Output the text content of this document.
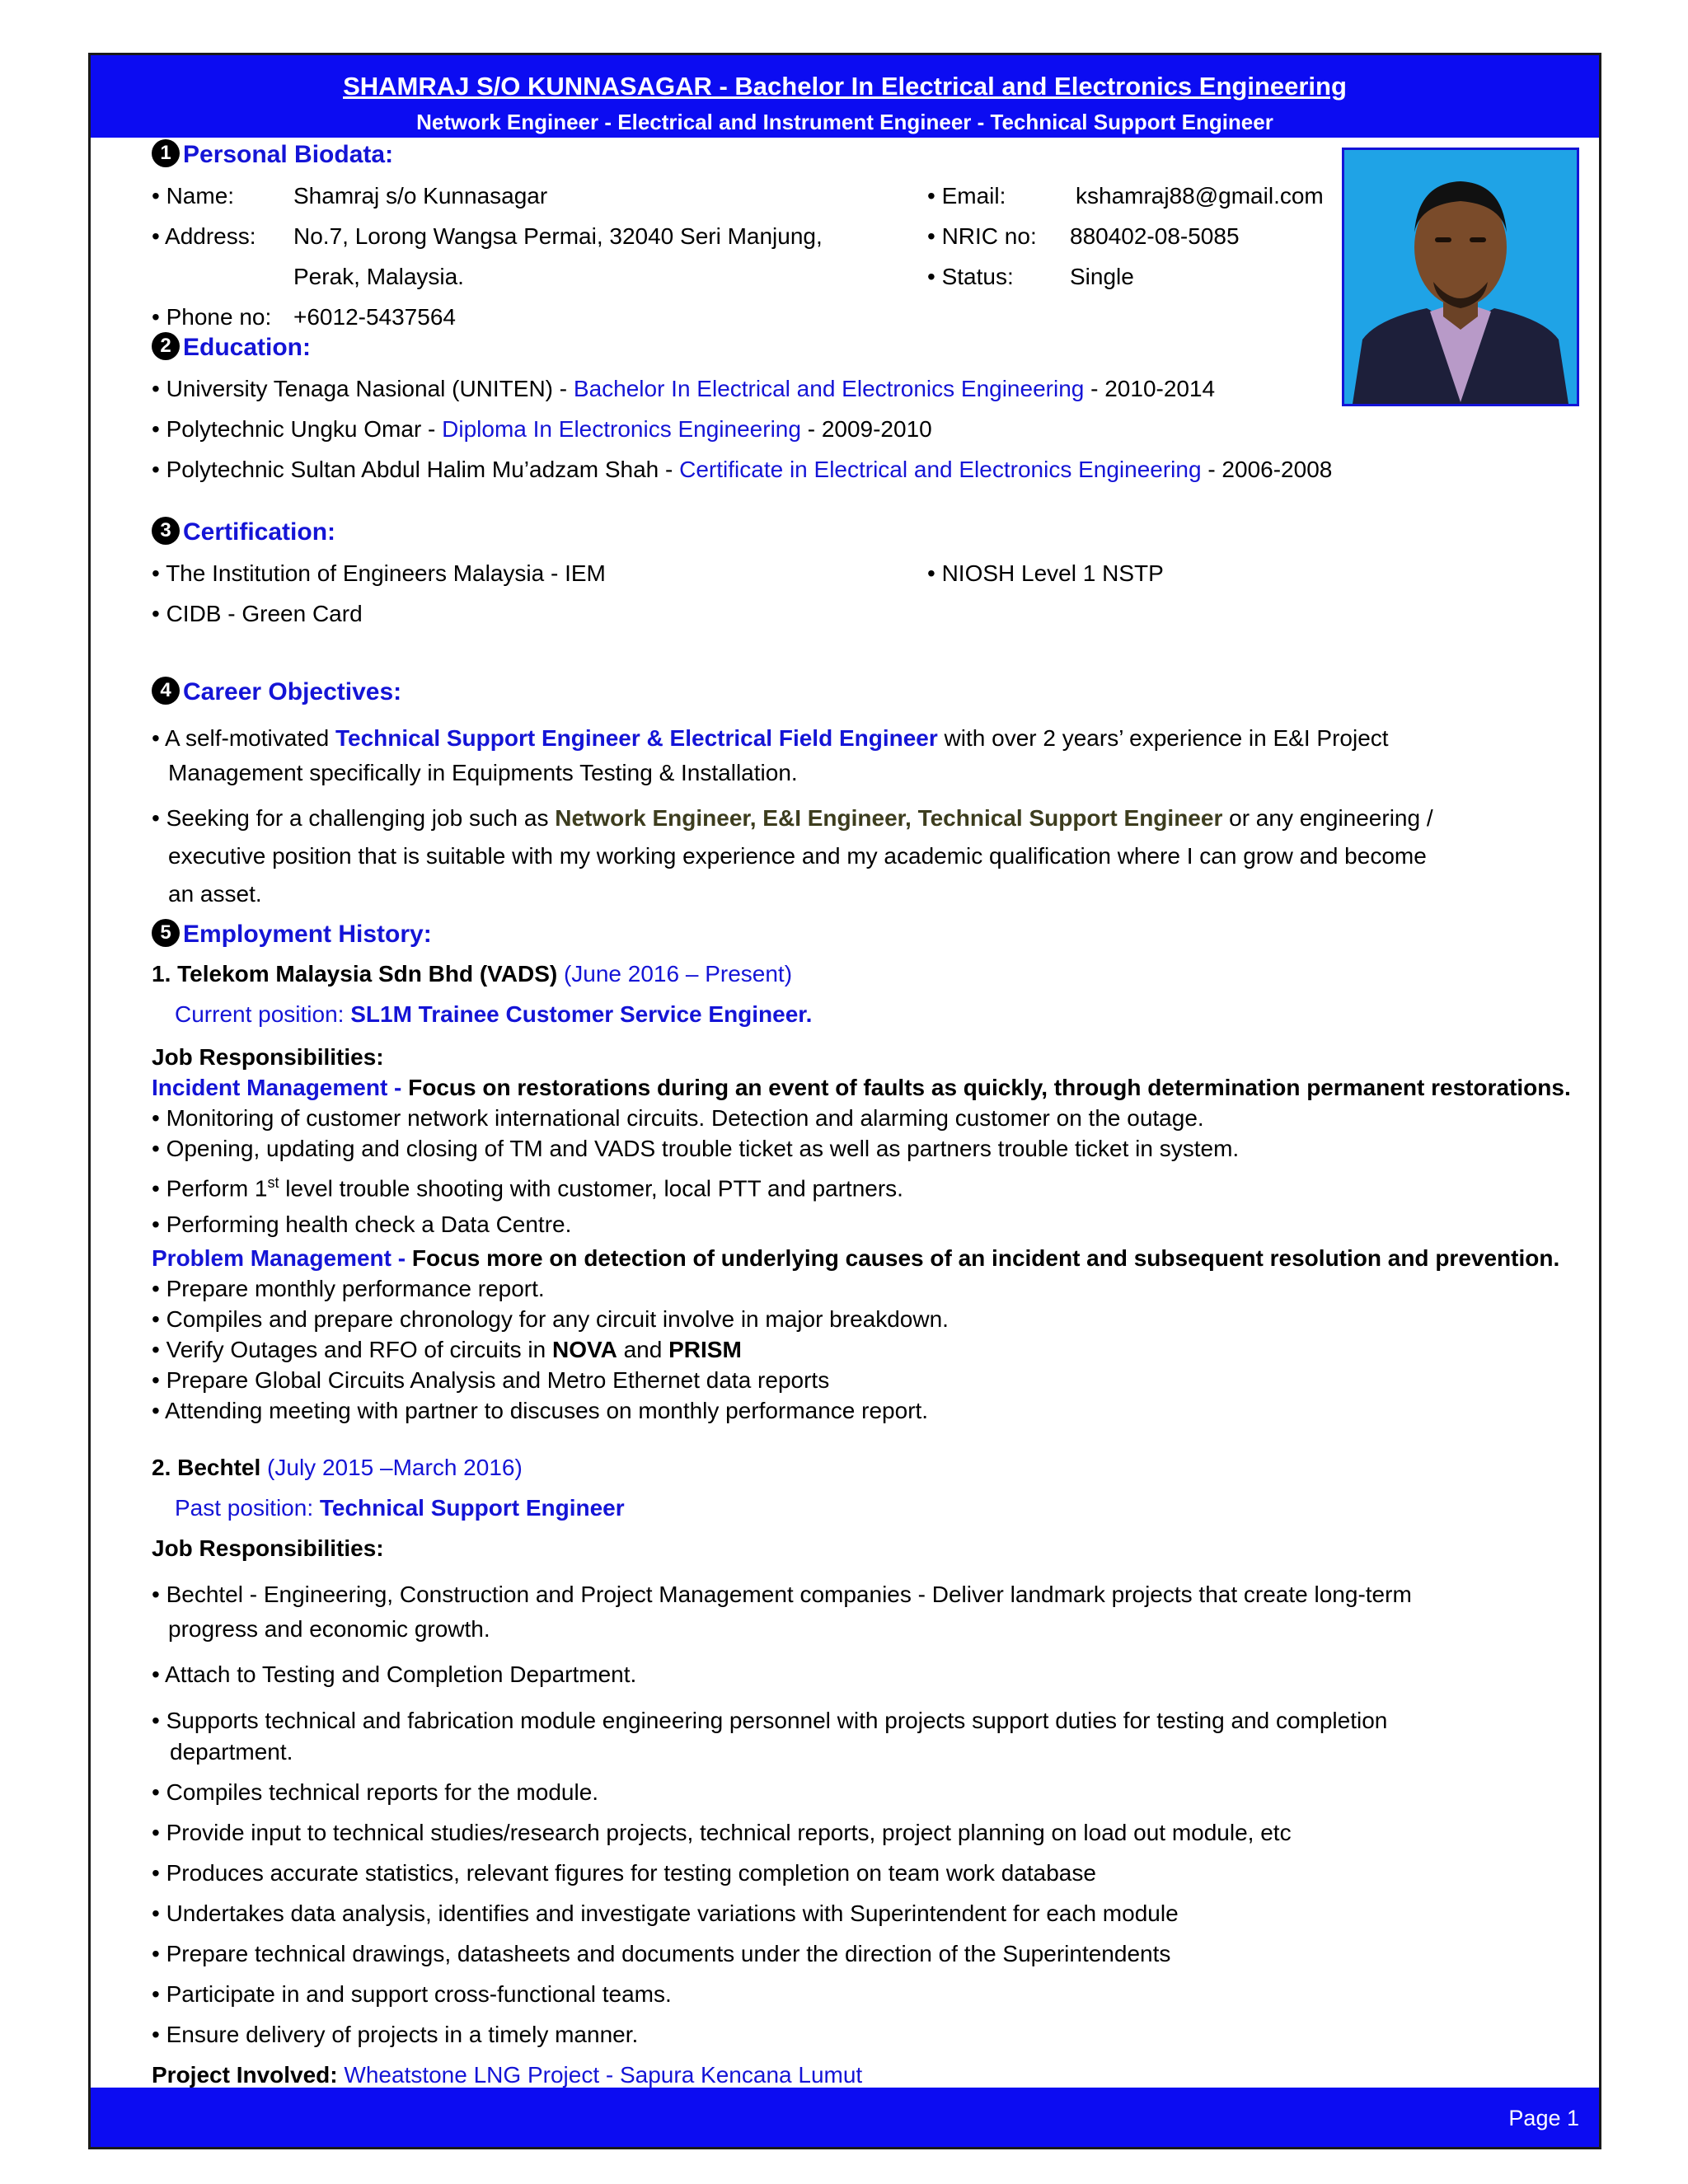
SHAMRAJ S/O KUNNASAGAR - Bachelor In Electrical and Electronics Engineering
Network Engineer - Electrical and Instrument Engineer - Technical Support Engineer
1 Personal Biodata:
• Name:	Shamraj s/o Kunnasagar
• Address: No.7, Lorong Wangsa Permai, 32040 Seri Manjung,
Perak, Malaysia.
• Phone no: +6012-5437564
• Email:	kshamraj88@gmail.com
• NRIC no: 880402-08-5085
• Status: Single
2 Education:
• University Tenaga Nasional (UNITEN) - Bachelor In Electrical and Electronics Engineering - 2010-2014
• Polytechnic Ungku Omar - Diploma In Electronics Engineering - 2009-2010
• Polytechnic Sultan Abdul Halim Mu’adzam Shah - Certificate in Electrical and Electronics Engineering - 2006-2008
3 Certification:
• The Institution of Engineers Malaysia - IEM
• CIDB - Green Card
• NIOSH Level 1 NSTP
4 Career Objectives:
• A self-motivated Technical Support Engineer & Electrical Field Engineer with over 2 years’ experience in E&I Project
Management specifically in Equipments Testing & Installation.
• Seeking for a challenging job such as Network Engineer, E&I Engineer, Technical Support Engineer or any engineering /
executive position that is suitable with my working experience and my academic qualification where I can grow and become
an asset.
5 Employment History:
1. Telekom Malaysia Sdn Bhd (VADS) (June 2016 – Present)
Current position: SL1M Trainee Customer Service Engineer.
Job Responsibilities:
Incident Management - Focus on restorations during an event of faults as quickly, through determination permanent restorations.
• Monitoring of customer network international circuits. Detection and alarming customer on the outage.
• Opening, updating and closing of TM and VADS trouble ticket as well as partners trouble ticket in system.
• Perform 1st level trouble shooting with customer, local PTT and partners.
• Performing health check a Data Centre.
Problem Management - Focus more on detection of underlying causes of an incident and subsequent resolution and prevention.
• Prepare monthly performance report.
• Compiles and prepare chronology for any circuit involve in major breakdown.
• Verify Outages and RFO of circuits in NOVA and PRISM
• Prepare Global Circuits Analysis and Metro Ethernet data reports
• Attending meeting with partner to discuses on monthly performance report.
2. Bechtel (July 2015 –March 2016)
Past position: Technical Support Engineer
Job Responsibilities:
• Bechtel - Engineering, Construction and Project Management companies - Deliver landmark projects that create long-term
progress and economic growth.
• Attach to Testing and Completion Department.
• Supports technical and fabrication module engineering personnel with projects support duties for testing and completion
department.
• Compiles technical reports for the module.
• Provide input to technical studies/research projects, technical reports, project planning on load out module, etc
• Produces accurate statistics, relevant figures for testing completion on team work database
• Undertakes data analysis, identifies and investigate variations with Superintendent for each module
• Prepare technical drawings, datasheets and documents under the direction of the Superintendents
• Participate in and support cross-functional teams.
• Ensure delivery of projects in a timely manner.
Project Involved: Wheatstone LNG Project - Sapura Kencana Lumut
Page 1
